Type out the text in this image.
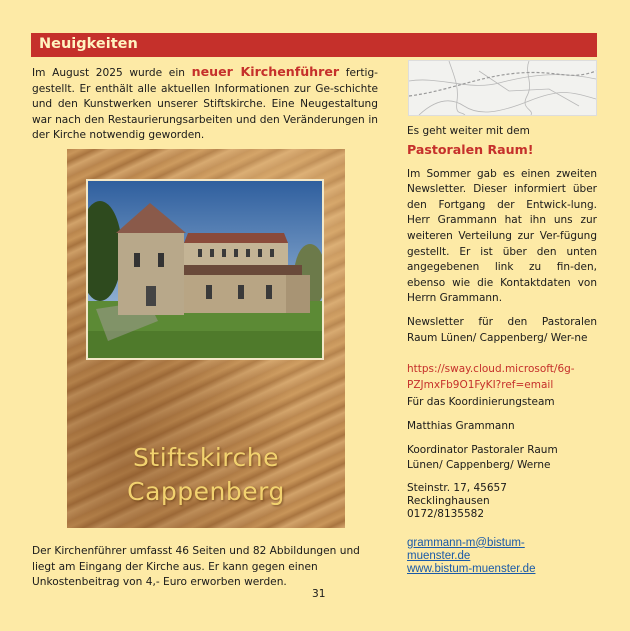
Neuigkeiten
Im August 2025 wurde ein neuer Kirchenführer fertig-gestellt. Er enthält alle aktuellen Informationen zur Ge-schichte und den Kunstwerken unserer Stiftskirche. Eine Neugestaltung war nach den Restaurierungsarbeiten und den Veränderungen in der Kirche notwendig geworden.
Stiftskirche
Cappenberg
Der Kirchenführer umfasst 46 Seiten und 82 Abbildungen und liegt am Eingang der Kirche aus. Er kann gegen einen Unkostenbeitrag von 4,- Euro erworben werden.
31

Es geht weiter mit dem

Pastoralen Raum!

Im Sommer gab es einen zweiten Newsletter. Dieser informiert über den Fortgang der Entwick-lung. Herr Grammann hat ihn uns zur weiteren Verteilung zur Ver-fügung gestellt. Er ist über den unten angegebenen link zu fin-den, ebenso wie die Kontaktdaten von Herrn Grammann.

Newsletter für den Pastoralen Raum Lünen/ Cappenberg/ Wer-ne

https://sway.cloud.microsoft/6g-PZJmxFb9O1FyKI?ref=email

Für das Koordinierungsteam

Matthias Grammann

Koordinator Pastoraler Raum

Lünen/ Cappenberg/ Werne

Steinstr. 17, 45657

Recklinghausen

0172/8135582

grammann-m@bistum-

muenster.de

www.bistum-muenster.de
